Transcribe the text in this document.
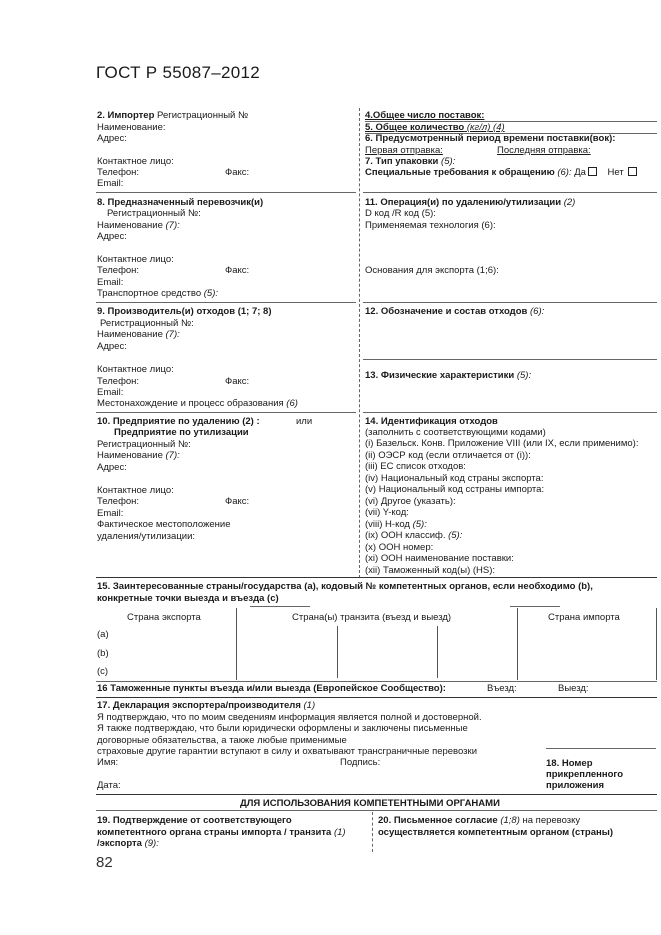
ГОСТ Р 55087–2012
2. Импортер Регистрационный №
Наименование:
Адрес:
Контактное лицо:
Телефон:	Факс:
Email:
4.Общее число поставок:
5. Общее количество (кг/л) (4)
6. Предусмотренный период времени поставки(вок):
Первая отправка:	Последняя отправка:
7. Тип упаковки (5):
Специальные требования к обращению (6): Да Нет
8. Предназначенный перевозчик(и)
Регистрационный №:
Наименование (7):
Адрес:
Контактное лицо:
Телефон:	Факс:
Email:
Транспортное средство (5):
11. Операция(и) по удалению/утилизации (2)
D код /R код (5):
Применяемая технология (6):
Основания для экспорта (1;6):
9. Производитель(и) отходов (1; 7; 8)
Регистрационный №:
Наименование (7):
Адрес:
Контактное лицо:
Телефон:	Факс:
Email:
Местонахождение и процесс образования (6)
12. Обозначение и состав отходов (6):
13. Физические характеристики (5):
10. Предприятие по удалению (2) :	или
Предприятие по утилизации
Регистрационный №:
Наименование (7):
Адрес:
Контактное лицо:
Телефон:	Факс:
Email:
Фактическое местоположение
удаления/утилизации:
14. Идентификация отходов
(заполнить с соответствующими кодами)
(i) Базельск. Конв. Приложение VIII (или IX, если применимо):
(ii) ОЭСР код (если отличается от (i)):
(iii) ЕС список отходов:
(iv) Национальный код страны экспорта:
(v) Национальный код сстраны импорта:
(vi) Другое (указать):
(vii) Y-код:
(viii) H-код (5):
(ix) ООН классиф. (5):
(x) ООН номер:
(xi) ООН наименование поставки:
(xii) Таможенный код(ы) (HS):
15. Заинтересованные страны/государства (а), кодовый № компетентных органов, если необходимо (b),
конкретные точки выезда и въезда (с)
Страна экспорта	Страна(ы) транзита (въезд и выезд)	Страна импорта
(a)
(b)
(c)
16 Таможенные пункты въезда и/или выезда (Европейское Сообщество):	Въезд:	Выезд:
17. Декларация экспортера/производителя (1)
Я подтверждаю, что по моим сведениям информация является полной и достоверной.
Я также подтверждаю, что были юридически оформлены и заключены письменные
договорные обязательства, а также любые применимые
страховые другие гарантии вступают в силу и охватывают трансграничные перевозки
Имя:	Подпись:
Дата:
18. Номер
прикрепленного
приложения
ДЛЯ ИСПОЛЬЗОВАНИЯ КОМПЕТЕНТНЫМИ ОРГАНАМИ
19. Подтверждение от соответствующего
компетентного органа страны импорта / транзита (1)
/экспорта (9):
20. Письменное согласие (1;8) на перевозку
осуществляется компетентным органом (страны)
82
